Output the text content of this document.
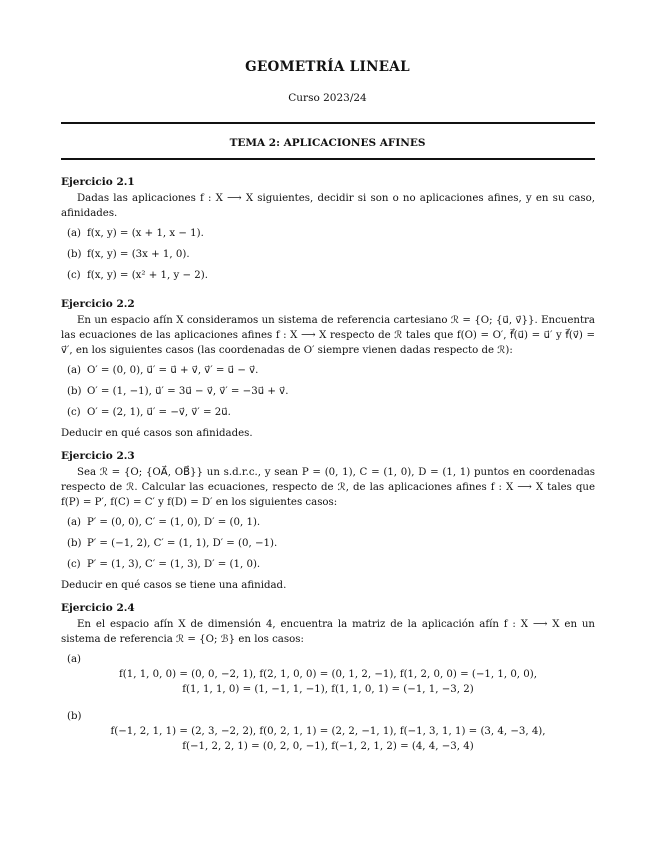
GEOMETRÍA LINEAL
Curso 2023/24
TEMA 2: APLICACIONES AFINES
Ejercicio 2.1

Dadas las aplicaciones f : X ⟶ X siguientes, decidir si son o no aplicaciones afines, y en su caso, afinidades.

(a) f(x, y) = (x + 1, x − 1).
(b) f(x, y) = (3x + 1, 0).
(c) f(x, y) = (x² + 1, y − 2).
Ejercicio 2.2

En un espacio afín X consideramos un sistema de referencia cartesiano ℛ = {O; {u⃗, v⃗}}. Encuentra las ecuaciones de las aplicaciones afines f : X ⟶ X respecto de ℛ tales que f(O) = O′, f⃗(u⃗) = u⃗′ y f⃗(v⃗) = v⃗′, en los siguientes casos (las coordenadas de O′ siempre vienen dadas respecto de ℛ):

(a) O′ = (0, 0), u⃗′ = u⃗ + v⃗, v⃗′ = u⃗ − v⃗.
(b) O′ = (1, −1), u⃗′ = 3u⃗ − v⃗, v⃗′ = −3u⃗ + v⃗.
(c) O′ = (2, 1), u⃗′ = −v⃗, v⃗′ = 2u⃗.

Deducir en qué casos son afinidades.

Ejercicio 2.3

Sea ℛ = {O; {OA⃗, OB⃗}} un s.d.r.c., y sean P = (0, 1), C = (1, 0), D = (1, 1) puntos en coordenadas respecto de ℛ. Calcular las ecuaciones, respecto de ℛ, de las aplicaciones afines f : X ⟶ X tales que f(P) = P′, f(C) = C′ y f(D) = D′ en los siguientes casos:

(a) P′ = (0, 0), C′ = (1, 0), D′ = (0, 1).
(b) P′ = (−1, 2), C′ = (1, 1), D′ = (0, −1).
(c) P′ = (1, 3), C′ = (1, 3), D′ = (1, 0).

Deducir en qué casos se tiene una afinidad.

Ejercicio 2.4

En el espacio afín X de dimensión 4, encuentra la matriz de la aplicación afín f : X ⟶ X en un sistema de referencia ℛ = {O; ℬ} en los casos:

(a)

f(1, 1, 0, 0) = (0, 0, −2, 1), f(2, 1, 0, 0) = (0, 1, 2, −1), f(1, 2, 0, 0) = (−1, 1, 0, 0),

f(1, 1, 1, 0) = (1, −1, 1, −1), f(1, 1, 0, 1) = (−1, 1, −3, 2)

(b)

f(−1, 2, 1, 1) = (2, 3, −2, 2), f(0, 2, 1, 1) = (2, 2, −1, 1), f(−1, 3, 1, 1) = (3, 4, −3, 4),

f(−1, 2, 2, 1) = (0, 2, 0, −1), f(−1, 2, 1, 2) = (4, 4, −3, 4)
